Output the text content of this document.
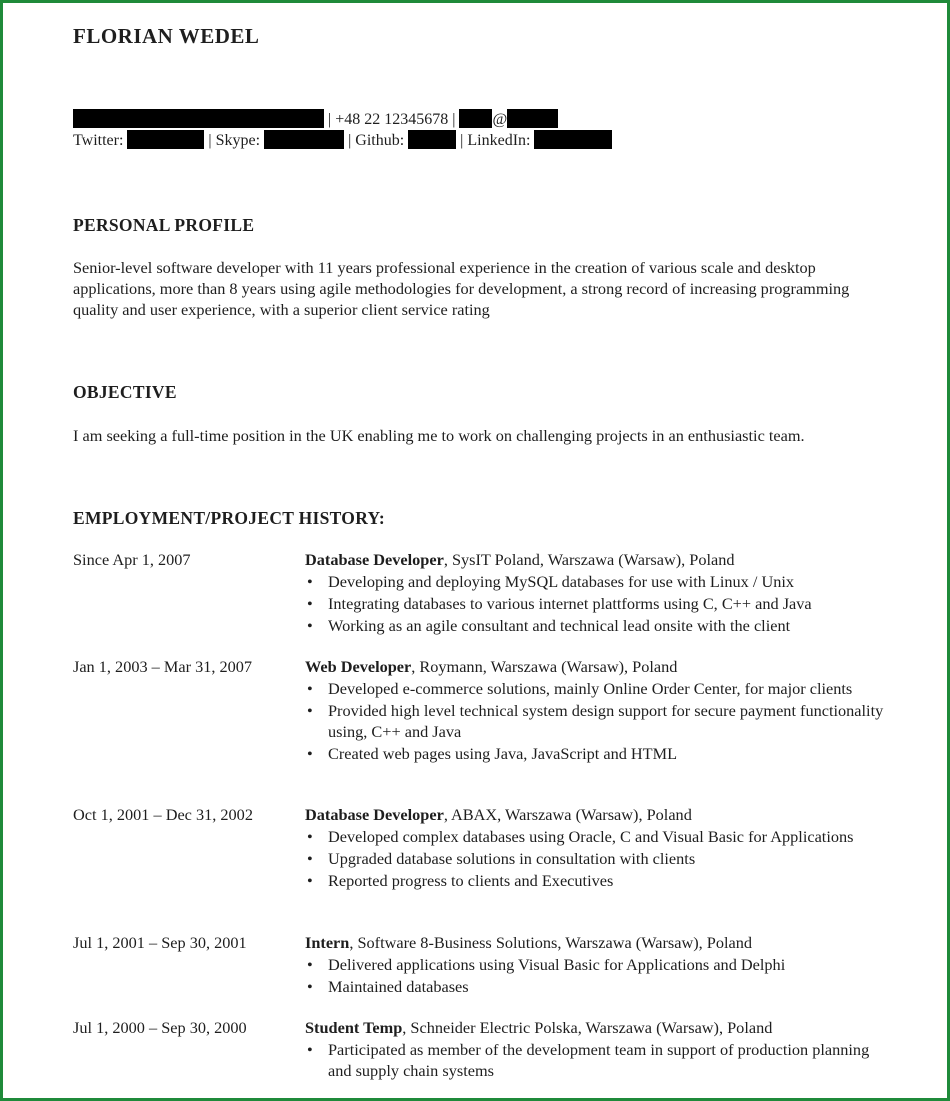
FLORIAN WEDEL
| +48 22 12345678 | @
Twitter:	| Skype:	| Github:	| LinkedIn:
PERSONAL PROFILE
Senior-level software developer with 11 years professional experience in the creation of various scale and desktop applications, more than 8 years using agile methodologies for development, a strong record of increasing programming quality and user experience, with a superior client service rating
OBJECTIVE
I am seeking a full-time position in the UK enabling me to work on challenging projects in an enthusiastic team.
EMPLOYMENT/PROJECT HISTORY:
Since Apr 1, 2007	Database Developer, SysIT Poland, Warszawa (Warsaw), Poland
• Developing and deploying MySQL databases for use with Linux / Unix
• Integrating databases to various internet plattforms using C, C++ and Java
• Working as an agile consultant and technical lead onsite with the client
Jan 1, 2003 – Mar 31, 2007	Web Developer, Roymann, Warszawa (Warsaw), Poland
• Developed e-commerce solutions, mainly Online Order Center, for major clients
• Provided high level technical system design support for secure payment functionality using, C++ and Java
• Created web pages using Java, JavaScript and HTML
Oct 1, 2001 – Dec 31, 2002	Database Developer, ABAX, Warszawa (Warsaw), Poland
• Developed complex databases using Oracle, C and Visual Basic for Applications
• Upgraded database solutions in consultation with clients
• Reported progress to clients and Executives
Jul 1, 2001 – Sep 30, 2001	Intern, Software 8-Business Solutions, Warszawa (Warsaw), Poland
• Delivered applications using Visual Basic for Applications and Delphi
• Maintained databases
Jul 1, 2000 – Sep 30, 2000	Student Temp, Schneider Electric Polska, Warszawa (Warsaw), Poland
• Participated as member of the development team in support of production planning and supply chain systems
